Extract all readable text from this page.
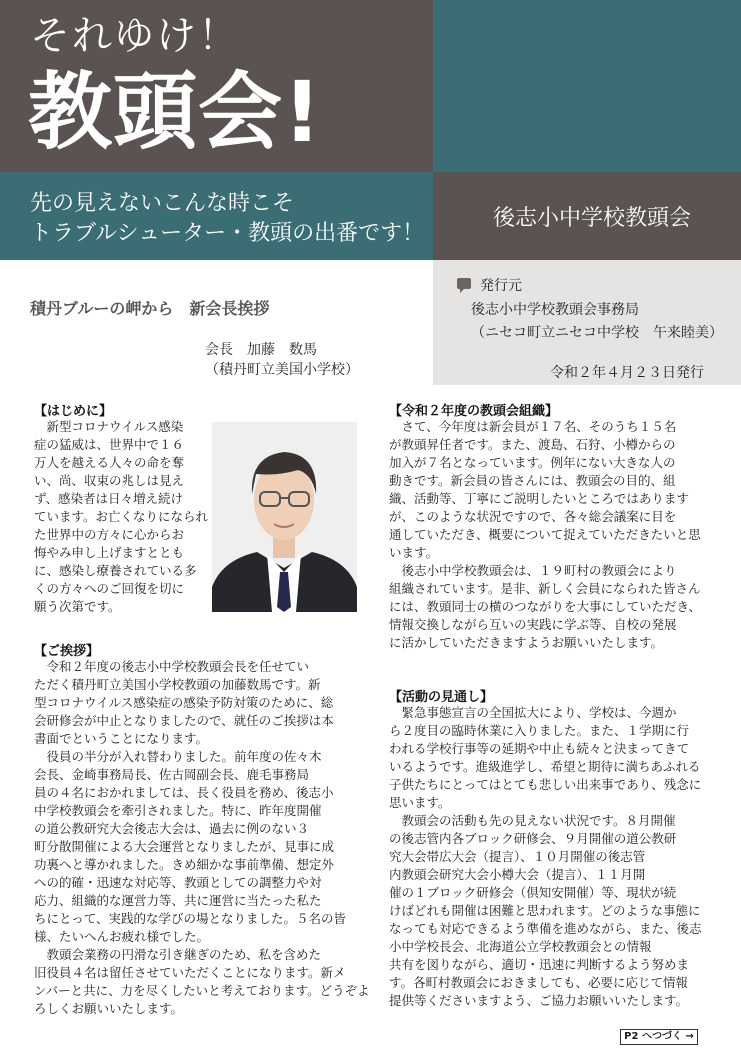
それゆけ！
教頭会!
先の見えないこんな時こそ
トラブルシューター・教頭の出番です！
後志小中学校教頭会
発行元
後志小中学校教頭会事務局
（ニセコ町立ニセコ中学校　午来睦美）
令和２年４月２３日発行
積丹ブルーの岬から　新会長挨拶
会長　加藤　数馬
（積丹町立美国小学校）
【はじめに】

　新型コロナウイルス感染

症の猛威は、世界中で１６

万人を越える人々の命を奪

い、尚、収束の兆しは見え

ず、感染者は日々増え続け

ています。お亡くなりになられ

た世界中の方々に心からお

悔やみ申し上げますととも

に、感染し療養されている多

くの方々へのご回復を切に

願う次第です。

【ご挨拶】

　令和２年度の後志小中学校教頭会長を任せてい

ただく積丹町立美国小学校教頭の加藤数馬です。新

型コロナウイルス感染症の感染予防対策のために、総

会研修会が中止となりましたので、就任のご挨拶は本

書面でということになります。

　役員の半分が入れ替わりました。前年度の佐々木

会長、金崎事務局長、佐古岡副会長、鹿毛事務局

員の４名におかれましては、長く役員を務め、後志小

中学校教頭会を牽引されました。特に、昨年度開催

の道公教研究大会後志大会は、過去に例のない３

町分散開催による大会運営となりましたが、見事に成

功裏へと導かれました。きめ細かな事前準備、想定外

への的確・迅速な対応等、教頭としての調整力や対

応力、組織的な運営力等、共に運営に当たった私た

ちにとって、実践的な学びの場となりました。５名の皆

様、たいへんお疲れ様でした。

　教頭会業務の円滑な引き継ぎのため、私を含めた

旧役員４名は留任させていただくことになります。新メ

ンバーと共に、力を尽くしたいと考えております。どうぞよ

ろしくお願いいたします。

【令和２年度の教頭会組織】

　さて、今年度は新会員が１７名、そのうち１５名

が教頭昇任者です。また、渡島、石狩、小樽からの

加入が７名となっています。例年にない大きな人の

動きです。新会員の皆さんには、教頭会の目的、組

織、活動等、丁寧にご説明したいところではあります

が、このような状況ですので、各々総会議案に目を

通していただき、概要について捉えていただきたいと思

います。

　後志小中学校教頭会は、１９町村の教頭会により

組織されています。是非、新しく会員になられた皆さん

には、教頭同士の横のつながりを大事にしていただき、

情報交換しながら互いの実践に学ぶ等、自校の発展

に活かしていただきますようお願いいたします。

【活動の見通し】

　緊急事態宣言の全国拡大により、学校は、今週か

ら２度目の臨時休業に入りました。また、１学期に行

われる学校行事等の延期や中止も続々と決まってきて

いるようです。進級進学し、希望と期待に満ちあふれる

子供たちにとってはとても悲しい出来事であり、残念に

思います。

　教頭会の活動も先の見えない状況です。８月開催

の後志管内各ブロック研修会、９月開催の道公教研

究大会帯広大会（提言）、１０月開催の後志管

内教頭会研究大会小樽大会（提言）、１１月開

催の１ブロック研修会（倶知安開催）等、現状が続

けばどれも開催は困難と思われます。どのような事態に

なっても対応できるよう準備を進めながら、また、後志

小中学校長会、北海道公立学校教頭会との情報

共有を図りながら、適切・迅速に判断するよう努めま

す。各町村教頭会におきましても、必要に応じて情報

提供等くださいますよう、ご協力お願いいたします。

P2 へつづく →
